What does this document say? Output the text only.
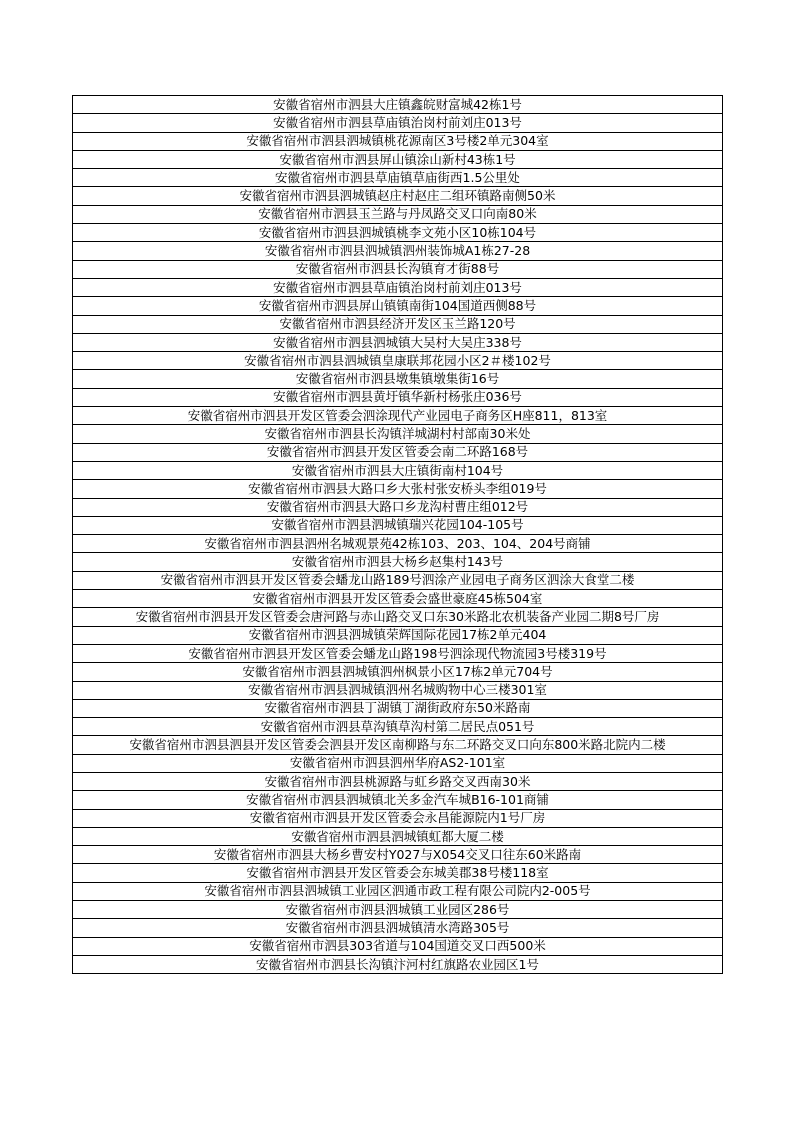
安徽省宿州市泗县大庄镇鑫皖财富城42栋1号
安徽省宿州市泗县草庙镇治岗村前刘庄013号
安徽省宿州市泗县泗城镇桃花源南区3号楼2单元304室
安徽省宿州市泗县屏山镇涂山新村43栋1号
安徽省宿州市泗县草庙镇草庙街西1.5公里处
安徽省宿州市泗县泗城镇赵庄村赵庄二组环镇路南侧50米
安徽省宿州市泗县玉兰路与丹凤路交叉口向南80米
安徽省宿州市泗县泗城镇桃李文苑小区10栋104号
安徽省宿州市泗县泗城镇泗州装饰城A1栋27-28
安徽省宿州市泗县长沟镇育才街88号
安徽省宿州市泗县草庙镇治岗村前刘庄013号
安徽省宿州市泗县屏山镇镇南街104国道西侧88号
安徽省宿州市泗县经济开发区玉兰路120号
安徽省宿州市泗县泗城镇大吴村大吴庄338号
安徽省宿州市泗县泗城镇皇康联邦花园小区2＃楼102号
安徽省宿州市泗县墩集镇墩集街16号
安徽省宿州市泗县黄圩镇华新村杨张庄036号
安徽省宿州市泗县开发区管委会泗涂现代产业园电子商务区H座811，813室
安徽省宿州市泗县长沟镇洋城湖村村部南30米处
安徽省宿州市泗县开发区管委会南二环路168号
安徽省宿州市泗县大庄镇街南村104号
安徽省宿州市泗县大路口乡大张村张安桥头李组019号
安徽省宿州市泗县大路口乡龙沟村曹庄组012号
安徽省宿州市泗县泗城镇瑞兴花园104-105号
安徽省宿州市泗县泗州名城观景苑42栋103、203、104、204号商铺
安徽省宿州市泗县大杨乡赵集村143号
安徽省宿州市泗县开发区管委会蟠龙山路189号泗涂产业园电子商务区泗涂大食堂二楼
安徽省宿州市泗县开发区管委会盛世豪庭45栋504室
安徽省宿州市泗县开发区管委会唐河路与赤山路交叉口东30米路北农机装备产业园二期8号厂房
安徽省宿州市泗县泗城镇荣辉国际花园17栋2单元404
安徽省宿州市泗县开发区管委会蟠龙山路198号泗涂现代物流园3号楼319号
安徽省宿州市泗县泗城镇泗州枫景小区17栋2单元704号
安徽省宿州市泗县泗城镇泗州名城购物中心三楼301室
安徽省宿州市泗县丁湖镇丁湖街政府东50米路南
安徽省宿州市泗县草沟镇草沟村第二居民点051号
安徽省宿州市泗县泗县开发区管委会泗县开发区南柳路与东二环路交叉口向东800米路北院内二楼
安徽省宿州市泗县泗州华府AS2-101室
安徽省宿州市泗县桃源路与虹乡路交叉西南30米
安徽省宿州市泗县泗城镇北关多金汽车城B16-101商铺
安徽省宿州市泗县开发区管委会永昌能源院内1号厂房
安徽省宿州市泗县泗城镇虹都大厦二楼
安徽省宿州市泗县大杨乡曹安村Y027与X054交叉口往东60米路南
安徽省宿州市泗县开发区管委会东城美郡38号楼118室
安徽省宿州市泗县泗城镇工业园区泗通市政工程有限公司院内2-005号
安徽省宿州市泗县泗城镇工业园区286号
安徽省宿州市泗县泗城镇清水湾路305号
安徽省宿州市泗县303省道与104国道交叉口西500米
安徽省宿州市泗县长沟镇汴河村红旗路农业园区1号
